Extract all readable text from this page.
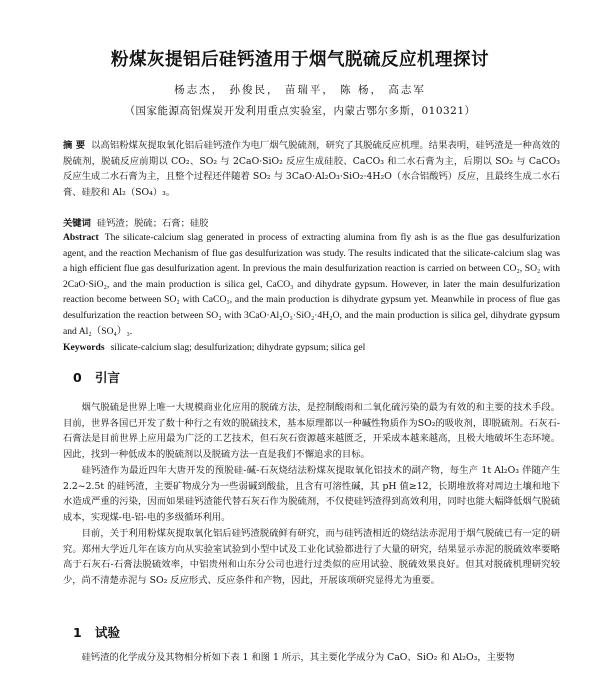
粉煤灰提铝后硅钙渣用于烟气脱硫反应机理探讨
杨志杰， 孙俊民， 苗瑞平， 陈 杨， 高志军
（国家能源高铝煤炭开发利用重点实验室，内蒙古鄂尔多斯，010321）
摘 要 以高铝粉煤灰提取氧化铝后硅钙渣作为电厂烟气脱硫剂，研究了其脱硫反应机理。结果表明，硅钙渣是一种高效的脱硫剂，脱硫反应前期以 CO₂、SO₂ 与 2CaO·SiO₂ 反应生成硅胶、CaCO₃ 和二水石膏为主，后期以 SO₂ 与 CaCO₃ 反应生成二水石膏为主，且整个过程还伴随着 SO₂ 与 3CaO·Al₂O₃·SiO₂·4H₂O（水合铝酸钙）反应，且最终生成二水石膏、硅胶和 Al₂（SO₄）₃。
关键词 硅钙渣；脱硫；石膏；硅胶
Abstract The silicate-calcium slag generated in process of extracting alumina from fly ash is as the flue gas desulfurization agent, and the reaction Mechanism of flue gas desulfurization was study. The results indicated that the silicate-calcium slag was a high efficient flue gas desulfurization agent. In previous the main desulfurization reaction is carried on between CO₂, SO₂ with 2CaO·SiO₂, and the main production is silica gel, CaCO₃ and dihydrate gypsum. However, in later the main desulfurization reaction become between SO₂ with CaCO₃, and the main production is dihydrate gypsum yet. Meanwhile in process of flue gas desulfurization the reaction between SO₂ with 3CaO·Al₂O₃·SiO₂·4H₂O, and the main production is silica gel, dihydrate gypsum and Al₂（SO₄）₃.
Keywords silicate-calcium slag; desulfurization; dihydrate gypsum; silica gel
0 引言
烟气脱硫是世界上唯一大规模商业化应用的脱硫方法，是控制酸雨和二氧化硫污染的最为有效的和主要的技术手段。目前，世界各国已开发了数十种行之有效的脱硫技术，基本原理都以一种碱性物质作为SO₂的吸收剂，即脱硫剂。石灰石-石膏法是目前世界上应用最为广泛的工艺技术，但石灰石资源越来越匮乏，开采成本越来越高，且极大地破坏生态环境。因此，找到一种低成本的脱硫剂以及脱硫方法一直是我们不懈追求的目标。
硅钙渣作为最近四年大唐开发的预脱硅-碱-石灰烧结法粉煤灰提取氧化铝技术的副产物，每生产 1t Al₂O₃ 伴随产生 2.2~2.5t 的硅钙渣，主要矿物成分为一些弱碱到酸盐，且含有可溶性碱，其 pH 值≥12，长期堆放将对周边土壤和地下水造成严重的污染，因而如果硅钙渣能代替石灰石作为脱硫剂，不仅使硅钙渣得到高效利用，同时也能大幅降低烟气脱硫成本，实现煤-电-铝-电的多级循环利用。
目前，关于利用粉煤灰提取氧化铝后硅钙渣脱硫鲜有研究，而与硅钙渣相近的烧结法赤泥用于烟气脱硫已有一定的研究。郑州大学近几年在该方向从实验室试验到小型中试及工业化试验都进行了大量的研究，结果显示赤泥的脱硫效率要略高于石灰石-石膏法脱硫效率，中铝贵州和山东分公司也进行过类似的应用试验、脱硫效果良好。但其对脱硫机理研究较少，尚不清楚赤泥与 SO₂ 反应形式、反应条件和产物，因此，开展该项研究显得尤为重要。
1 试验
硅钙渣的化学成分及其物相分析如下表 1 和图 1 所示，其主要化学成分为 CaO、SiO₂ 和 Al₂O₃，主要物
